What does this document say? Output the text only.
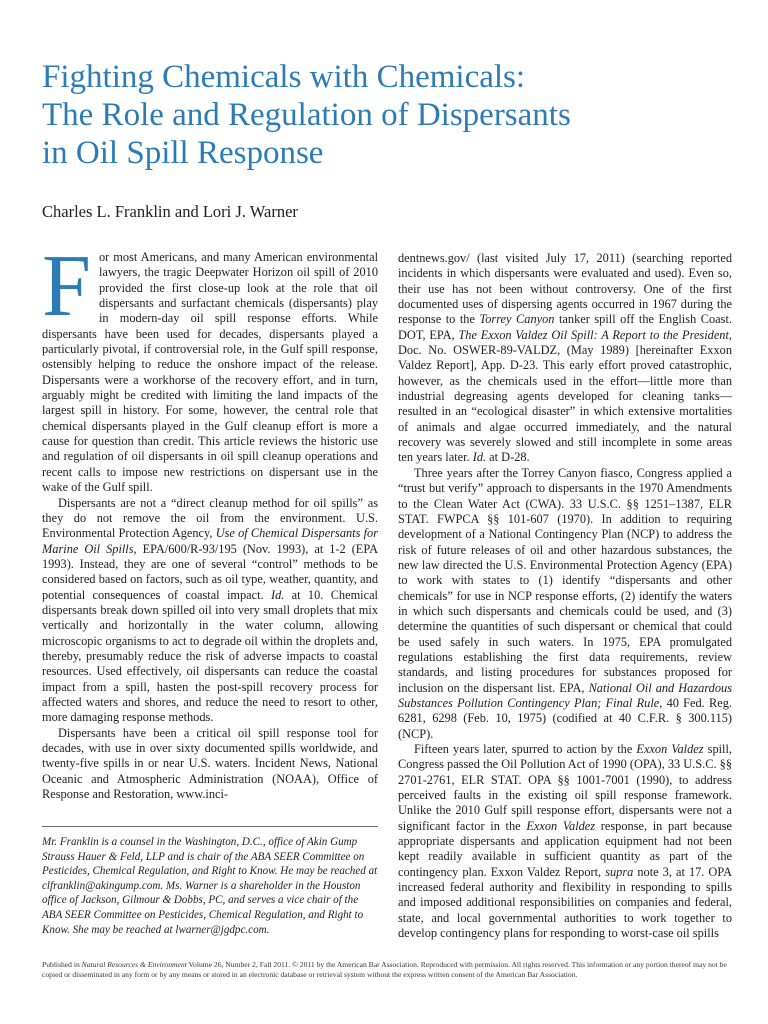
Fighting Chemicals with Chemicals:
The Role and Regulation of Dispersants
in Oil Spill Response

Charles L. Franklin and Lori J. Warner

For most Americans, and many American environmental lawyers, the tragic Deepwater Horizon oil spill of 2010 provided the first close-up look at the role that oil dispersants and surfactant chemicals (dispersants) play in modern-day oil spill response efforts. While dispersants have been used for decades, dispersants played a particularly pivotal, if controversial role, in the Gulf spill response, ostensibly helping to reduce the onshore impact of the release. Dispersants were a workhorse of the recovery effort, and in turn, arguably might be credited with limiting the land impacts of the largest spill in history. For some, however, the central role that chemical dispersants played in the Gulf cleanup effort is more a cause for question than credit. This article reviews the historic use and regulation of oil dispersants in oil spill cleanup operations and recent calls to impose new restrictions on dispersant use in the wake of the Gulf spill.

Dispersants are not a “direct cleanup method for oil spills” as they do not remove the oil from the environment. U.S. Environmental Protection Agency, Use of Chemical Dispersants for Marine Oil Spills, EPA/600/R-93/195 (Nov. 1993), at 1-2 (EPA 1993). Instead, they are one of several “control” methods to be considered based on factors, such as oil type, weather, quantity, and potential consequences of coastal impact. Id. at 10. Chemical dispersants break down spilled oil into very small droplets that mix vertically and horizontally in the water column, allowing microscopic organisms to act to degrade oil within the droplets and, thereby, presumably reduce the risk of adverse impacts to coastal resources. Used effectively, oil dispersants can reduce the coastal impact from a spill, hasten the post-spill recovery process for affected waters and shores, and reduce the need to resort to other, more damaging response methods.

Dispersants have been a critical oil spill response tool for decades, with use in over sixty documented spills worldwide, and twenty-five spills in or near U.S. waters. Incident News, National Oceanic and Atmospheric Administration (NOAA), Office of Response and Restoration, www.inci-

Mr. Franklin is a counsel in the Washington, D.C., office of Akin Gump Strauss Hauer & Feld, LLP and is chair of the ABA SEER Committee on Pesticides, Chemical Regulation, and Right to Know. He may be reached at clfranklin@akingump.com. Ms. Warner is a shareholder in the Houston office of Jackson, Gilmour & Dobbs, PC, and serves a vice chair of the ABA SEER Committee on Pesticides, Chemical Regulation, and Right to Know. She may be reached at lwarner@jgdpc.com.

dentnews.gov/ (last visited July 17, 2011) (searching reported incidents in which dispersants were evaluated and used). Even so, their use has not been without controversy. One of the first documented uses of dispersing agents occurred in 1967 during the response to the Torrey Canyon tanker spill off the English Coast. DOT, EPA, The Exxon Valdez Oil Spill: A Report to the President, Doc. No. OSWER-89-VALDZ, (May 1989) [hereinafter Exxon Valdez Report], App. D-23. This early effort proved catastrophic, however, as the chemicals used in the effort—little more than industrial degreasing agents developed for cleaning tanks—resulted in an “ecological disaster” in which extensive mortalities of animals and algae occurred immediately, and the natural recovery was severely slowed and still incomplete in some areas ten years later. Id. at D-28.

Three years after the Torrey Canyon fiasco, Congress applied a “trust but verify” approach to dispersants in the 1970 Amendments to the Clean Water Act (CWA). 33 U.S.C. §§ 1251–1387, ELR STAT. FWPCA §§ 101-607 (1970). In addition to requiring development of a National Contingency Plan (NCP) to address the risk of future releases of oil and other hazardous substances, the new law directed the U.S. Environmental Protection Agency (EPA) to work with states to (1) identify “dispersants and other chemicals” for use in NCP response efforts, (2) identify the waters in which such dispersants and chemicals could be used, and (3) determine the quantities of such dispersant or chemical that could be used safely in such waters. In 1975, EPA promulgated regulations establishing the first data requirements, review standards, and listing procedures for substances proposed for inclusion on the dispersant list. EPA, National Oil and Hazardous Substances Pollution Contingency Plan; Final Rule, 40 Fed. Reg. 6281, 6298 (Feb. 10, 1975) (codified at 40 C.F.R. § 300.115) (NCP).

Fifteen years later, spurred to action by the Exxon Valdez spill, Congress passed the Oil Pollution Act of 1990 (OPA), 33 U.S.C. §§ 2701-2761, ELR STAT. OPA §§ 1001-7001 (1990), to address perceived faults in the existing oil spill response framework. Unlike the 2010 Gulf spill response effort, dispersants were not a significant factor in the Exxon Valdez response, in part because appropriate dispersants and application equipment had not been kept readily available in sufficient quantity as part of the contingency plan. Exxon Valdez Report, supra note 3, at 17. OPA increased federal authority and flexibility in responding to spills and imposed additional responsibilities on companies and federal, state, and local governmental authorities to work together to develop contingency plans for responding to worst-case oil spills

Published in Natural Resources & Environment Volume 26, Number 2, Fall 2011. © 2011 by the American Bar Association. Reproduced with permission. All rights reserved. This information or any portion thereof may not be copied or disseminated in any form or by any means or stored in an electronic database or retrieval system without the express written consent of the American Bar Association.
